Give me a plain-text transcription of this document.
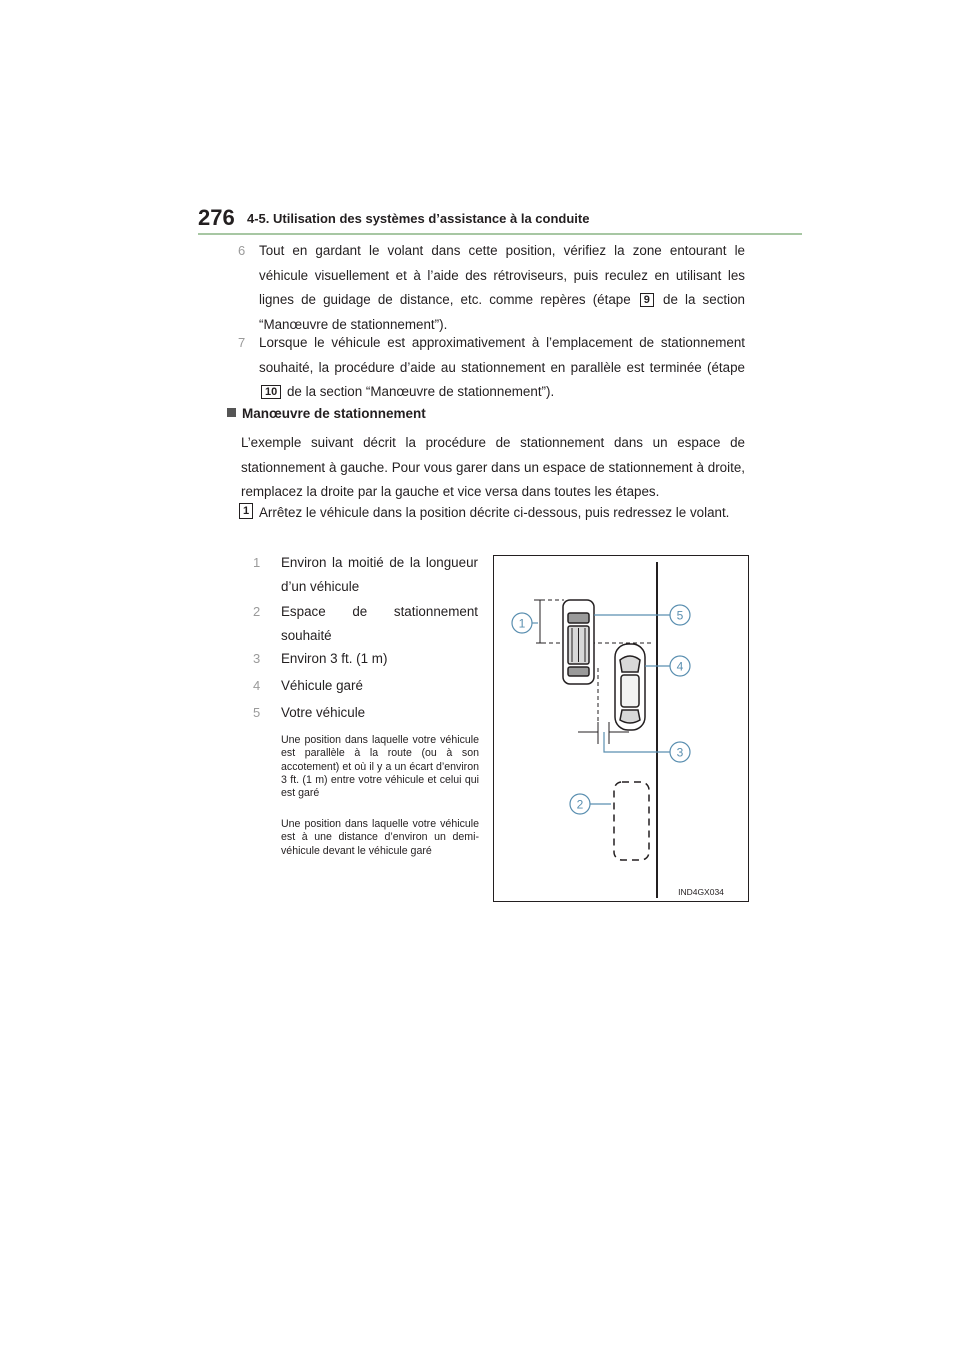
276 4-5. Utilisation des systèmes d’assistance à la conduite
6 Tout en gardant le volant dans cette position, vérifiez la zone entourant le véhicule visuellement et à l’aide des rétroviseurs, puis reculez en utilisant les lignes de guidage de distance, etc. comme repères (étape 9 de la section “Manœuvre de stationnement”).
7 Lorsque le véhicule est approximativement à l’emplacement de stationnement souhaité, la procédure d’aide au stationnement en parallèle est terminée (étape 10 de la section “Manœuvre de stationnement”).
Manœuvre de stationnement
L’exemple suivant décrit la procédure de stationnement dans un espace de stationnement à gauche. Pour vous garer dans un espace de stationnement à droite, remplacez la droite par la gauche et vice versa dans toutes les étapes.
1 Arrêtez le véhicule dans la position décrite ci-dessous, puis redressez le volant.
1 Environ la moitié de la longueur d’un véhicule
2 Espace de stationnement souhaité
3 Environ 3 ft. (1 m)
4 Véhicule garé
5 Votre véhicule
Une position dans laquelle votre véhicule est parallèle à la route (ou à son accotement) et où il y a un écart d’environ 3 ft. (1 m) entre votre véhicule et celui qui est garé
Une position dans laquelle votre véhicule est à une distance d’environ un demi-véhicule devant le véhicule garé
1
2
3
4
5
IND4GX034
